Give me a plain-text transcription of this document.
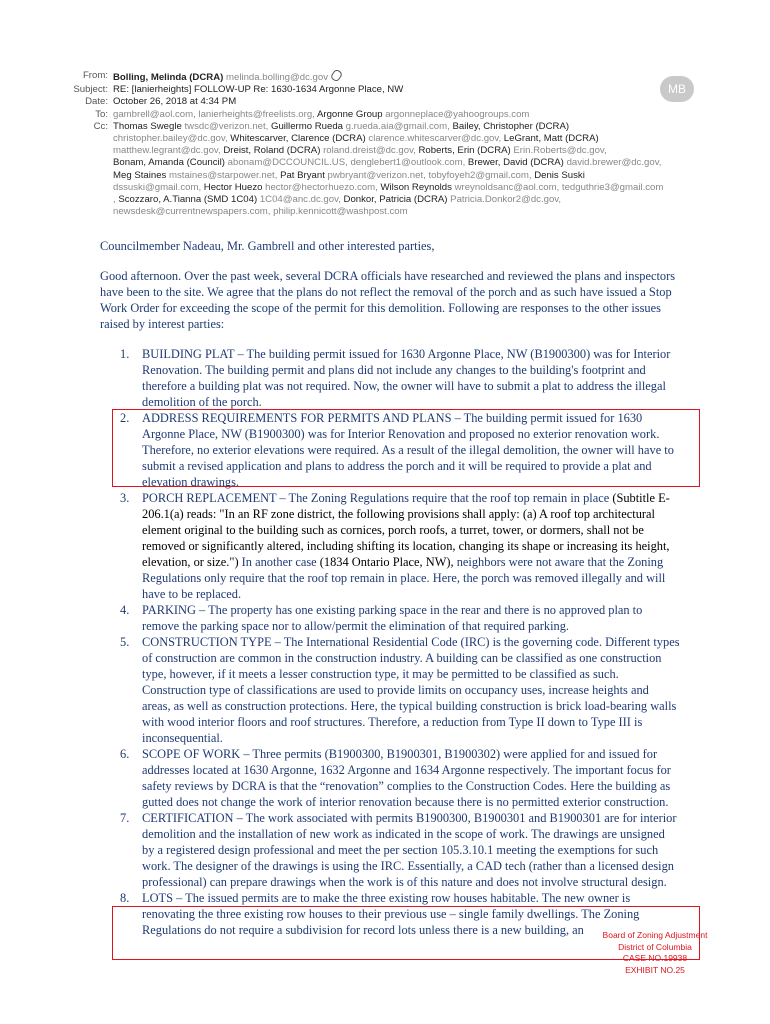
From: Bolling, Melinda (DCRA) melinda.bolling@dc.gov
Subject: RE: [lanierheights] FOLLOW-UP Re: 1630-1634 Argonne Place, NW
Date: October 26, 2018 at 4:34 PM
To: gambrell@aol.com, lanierheights@freelists.org, Argonne Group argonneplace@yahoogroups.com
Cc: Thomas Swegle twsdc@verizon.net, Guillermo Rueda g.rueda.aia@gmail.com, Bailey, Christopher (DCRA)
christopher.bailey@dc.gov, Whitescarver, Clarence (DCRA) clarence.whitescarver@dc.gov, LeGrant, Matt (DCRA)
matthew.legrant@dc.gov, Dreist, Roland (DCRA) roland.dreist@dc.gov, Roberts, Erin (DCRA) Erin.Roberts@dc.gov,
Bonam, Amanda (Council) abonam@DCCOUNCIL.US, denglebert1@outlook.com, Brewer, David (DCRA) david.brewer@dc.gov,
Meg Staines mstaines@starpower.net, Pat Bryant pwbryant@verizon.net, tobyfoyeh2@gmail.com, Denis Suski
dssuski@gmail.com, Hector Huezo hector@hectorhuezo.com, Wilson Reynolds wreynoldsanc@aol.com, tedguthrie3@gmail.com
, Scozzaro, A.Tianna (SMD 1C04) 1C04@anc.dc.gov, Donkor, Patricia (DCRA) Patricia.Donkor2@dc.gov,
newsdesk@currentnewspapers.com, philip.kennicott@washpost.com
MB

Councilmember Nadeau, Mr. Gambrell and other interested parties,

Good afternoon. Over the past week, several DCRA officials have researched and reviewed the plans and inspectors have been to the site. We agree that the plans do not reflect the removal of the porch and as such have issued a Stop Work Order for exceeding the scope of the permit for this demolition. Following are responses to the other issues raised by interest parties:

1. BUILDING PLAT – The building permit issued for 1630 Argonne Place, NW (B1900300) was for Interior Renovation. The building permit and plans did not include any changes to the building's footprint and therefore a building plat was not required. Now, the owner will have to submit a plat to address the illegal demolition of the porch.
2. ADDRESS REQUIREMENTS FOR PERMITS AND PLANS – The building permit issued for 1630 Argonne Place, NW (B1900300) was for Interior Renovation and proposed no exterior renovation work. Therefore, no exterior elevations were required. As a result of the illegal demolition, the owner will have to submit a revised application and plans to address the porch and it will be required to provide a plat and elevation drawings.
3. PORCH REPLACEMENT – The Zoning Regulations require that the roof top remain in place (Subtitle E-206.1(a) reads: "In an RF zone district, the following provisions shall apply: (a) A roof top architectural element original to the building such as cornices, porch roofs, a turret, tower, or dormers, shall not be removed or significantly altered, including shifting its location, changing its shape or increasing its height, elevation, or size.") In another case (1834 Ontario Place, NW), neighbors were not aware that the Zoning Regulations only require that the roof top remain in place. Here, the porch was removed illegally and will have to be replaced.
4. PARKING – The property has one existing parking space in the rear and there is no approved plan to remove the parking space nor to allow/permit the elimination of that required parking.
5. CONSTRUCTION TYPE – The International Residential Code (IRC) is the governing code. Different types of construction are common in the construction industry. A building can be classified as one construction type, however, if it meets a lesser construction type, it may be permitted to be classified as such. Construction type of classifications are used to provide limits on occupancy uses, increase heights and areas, as well as construction protections. Here, the typical building construction is brick load-bearing walls with wood interior floors and roof structures. Therefore, a reduction from Type II down to Type III is inconsequential.
6. SCOPE OF WORK – Three permits (B1900300, B1900301, B1900302) were applied for and issued for addresses located at 1630 Argonne, 1632 Argonne and 1634 Argonne respectively. The important focus for safety reviews by DCRA is that the “renovation” complies to the Construction Codes. Here the building as gutted does not change the work of interior renovation because there is no permitted exterior construction.
7. CERTIFICATION – The work associated with permits B1900300, B1900301 and B1900301 are for interior demolition and the installation of new work as indicated in the scope of work. The drawings are unsigned by a registered design professional and meet the per section 105.3.10.1 meeting the exemptions for such work. The designer of the drawings is using the IRC. Essentially, a CAD tech (rather than a licensed design professional) can prepare drawings when the work is of this nature and does not involve structural design.
8. LOTS – The issued permits are to make the three existing row houses habitable. The new owner is renovating the three existing row houses to their previous use – single family dwellings. The Zoning Regulations do not require a subdivision for record lots unless there is a new building, an	Board of Zoning Adjustment
District of Columbia
CASE NO.19938
EXHIBIT NO.25
